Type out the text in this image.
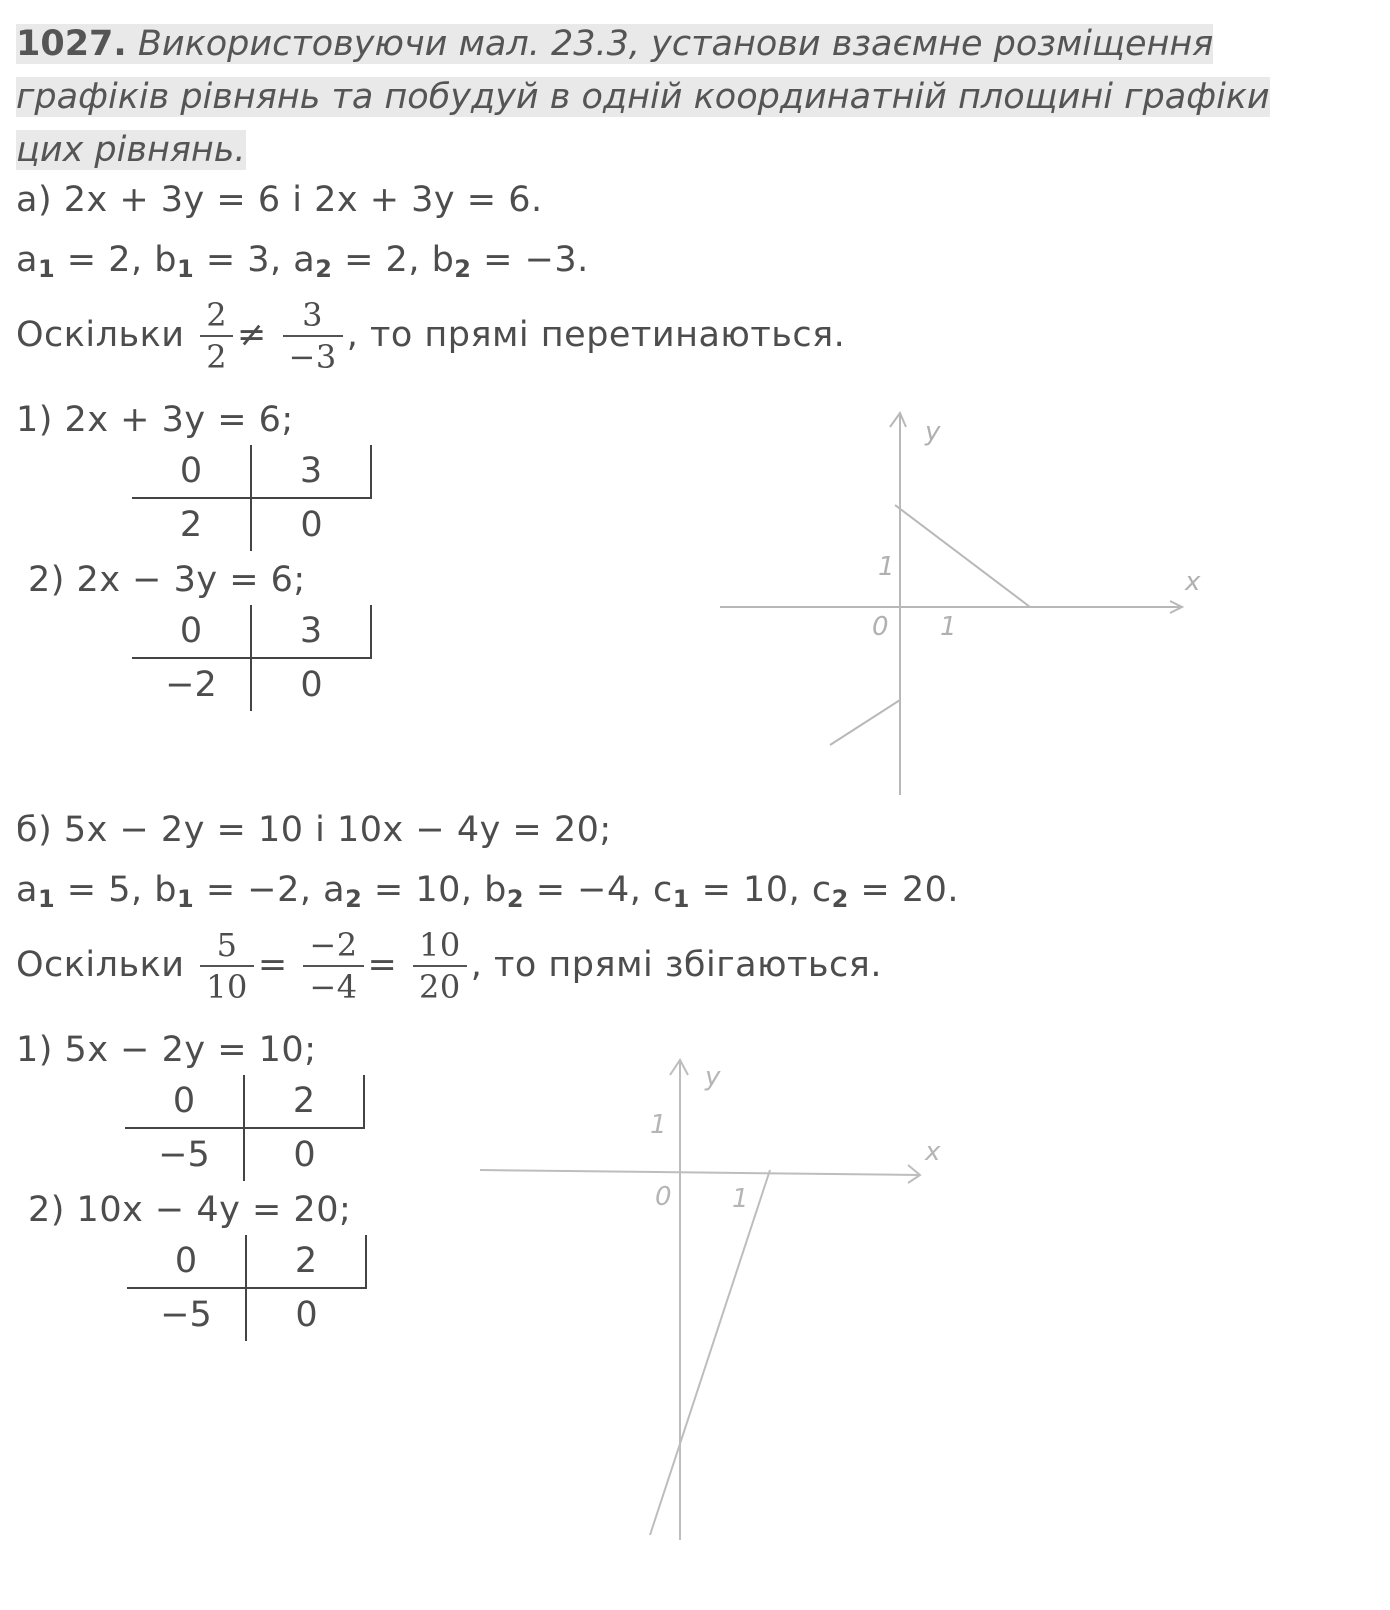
1027. Використовуючи мал. 23.3, установи взаємне розміщення
графіків рівнянь та побудуй в одній координатній площині графіки
цих рівнянь.
а) 2x + 3y = 6 і 2x + 3y = 6.
$a_1 = 2$, $b_1 = 3$, $a_2 = 2$, $b_2 = -3$.
Оскільки $\frac{2}{2} \ne \frac{3}{-3}$ , то прямі перетинаються.
1) 2x + 3y = 6;
0	3
2	0
2) 2x − 3y = 6;
0	3
−2	0
y
x
1
0 1
б) 5x − 2y = 10 і 10x − 4y = 20;
$a_1 = 5$, $b_1 = -2$, $a_2 = 10$, $b_2 = -4$, $c_1 = 10$, $c_2 = 20$.
Оскільки $\frac{5}{10} = \frac{-2}{-4} = \frac{10}{20}$ , то прямі збігаються.
1) 5x − 2y = 10;
0	2
−5	0
2) 10x − 4y = 20;
0	2
−5	0
y
x
1
0 1
